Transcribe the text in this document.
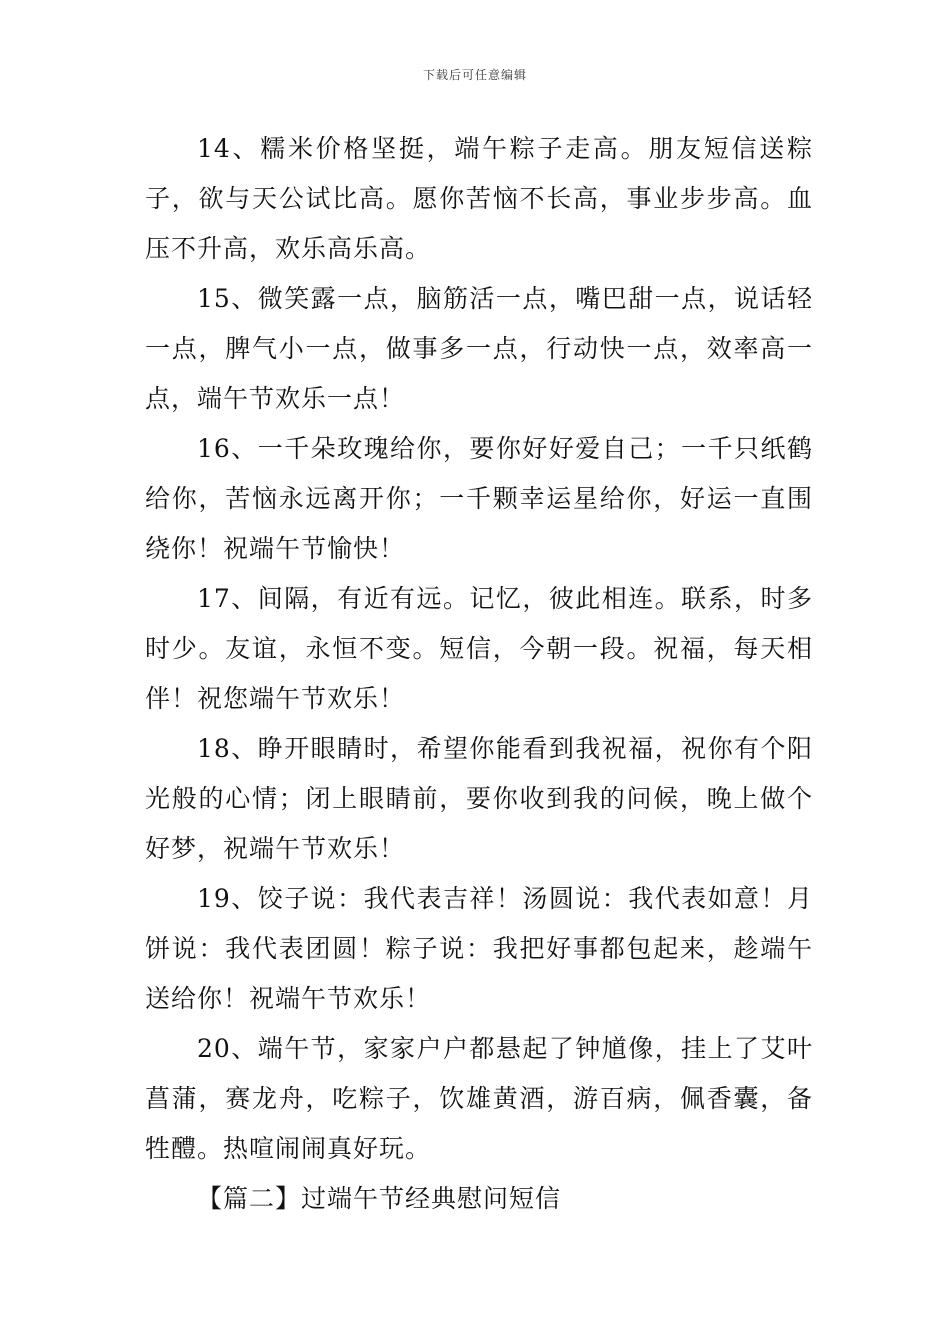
下载后可任意编辑

14、糯米价格坚挺，端午粽子走高。朋友短信送粽子，欲与天公试比高。愿你苦恼不长高，事业步步高。血压不升高，欢乐高乐高。

15、微笑露一点，脑筋活一点，嘴巴甜一点，说话轻一点，脾气小一点，做事多一点，行动快一点，效率高一点，端午节欢乐一点！

16、一千朵玫瑰给你，要你好好爱自己；一千只纸鹤给你，苦恼永远离开你；一千颗幸运星给你，好运一直围绕你！祝端午节愉快！

17、间隔，有近有远。记忆，彼此相连。联系，时多时少。友谊，永恒不变。短信，今朝一段。祝福，每天相伴！祝您端午节欢乐！

18、睁开眼睛时，希望你能看到我祝福，祝你有个阳光般的心情；闭上眼睛前，要你收到我的问候，晚上做个好梦，祝端午节欢乐！

19、饺子说：我代表吉祥！汤圆说：我代表如意！月饼说：我代表团圆！粽子说：我把好事都包起来，趁端午送给你！祝端午节欢乐！

20、端午节，家家户户都悬起了钟馗像，挂上了艾叶菖蒲，赛龙舟，吃粽子，饮雄黄酒，游百病，佩香囊，备牲醴。热喧闹闹真好玩。

【篇二】过端午节经典慰问短信
